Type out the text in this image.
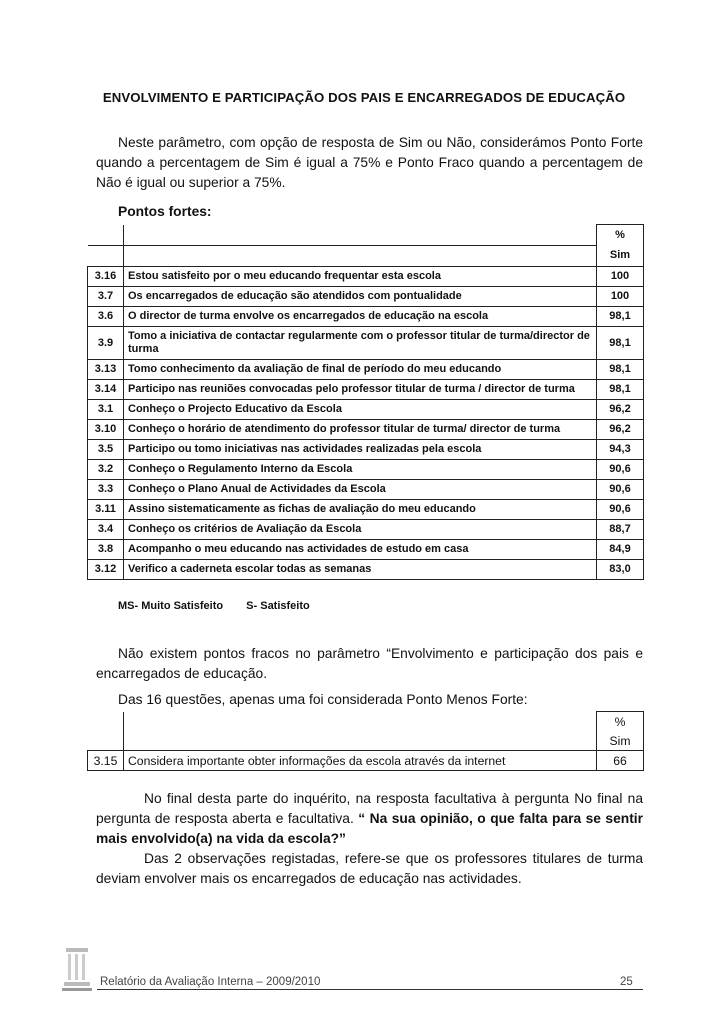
ENVOLVIMENTO E PARTICIPAÇÃO DOS PAIS E ENCARREGADOS DE EDUCAÇÃO

Neste parâmetro, com opção de resposta de Sim ou Não, considerámos Ponto Forte quando a percentagem de Sim é igual a 75% e Ponto Fraco quando a percentagem de Não é igual ou superior a 75%.

Pontos fortes:
		%
		Sim
3.16	Estou satisfeito por o meu educando frequentar esta escola	100
3.7	Os encarregados de educação são atendidos com pontualidade	100
3.6	O director de turma envolve os encarregados de educação na escola	98,1
3.9	Tomo a iniciativa de contactar regularmente com o professor titular de turma/director de turma	98,1
3.13	Tomo conhecimento da avaliação de final de período do meu educando	98,1
3.14	Participo nas reuniões convocadas pelo professor titular de turma / director de turma	98,1
3.1	Conheço o Projecto Educativo da Escola	96,2
3.10	Conheço o horário de atendimento do professor titular de turma/ director de turma	96,2
3.5	Participo ou tomo iniciativas nas actividades realizadas pela escola	94,3
3.2	Conheço o Regulamento Interno da Escola	90,6
3.3	Conheço o Plano Anual de Actividades da Escola	90,6
3.11	Assino sistematicamente as fichas de avaliação do meu educando	90,6
3.4	Conheço os critérios de Avaliação da Escola	88,7
3.8	Acompanho o meu educando nas actividades de estudo em casa	84,9
3.12	Verifico a caderneta escolar todas as semanas	83,0
MS- Muito Satisfeito S- Satisfeito

Não existem pontos fracos no parâmetro “Envolvimento e participação dos pais e encarregados de educação.

Das 16 questões, apenas uma foi considerada Ponto Menos Forte:

		%
		Sim
3.15	Considera importante obter informações da escola através da internet	66

No final desta parte do inquérito, na resposta facultativa à pergunta No final na pergunta de resposta aberta e facultativa. “ Na sua opinião, o que falta para se sentir mais envolvido(a) na vida da escola?”

Das 2 observações registadas, refere-se que os professores titulares de turma deviam envolver mais os encarregados de educação nas actividades.

Relatório da Avaliação Interna – 2009/2010	25
